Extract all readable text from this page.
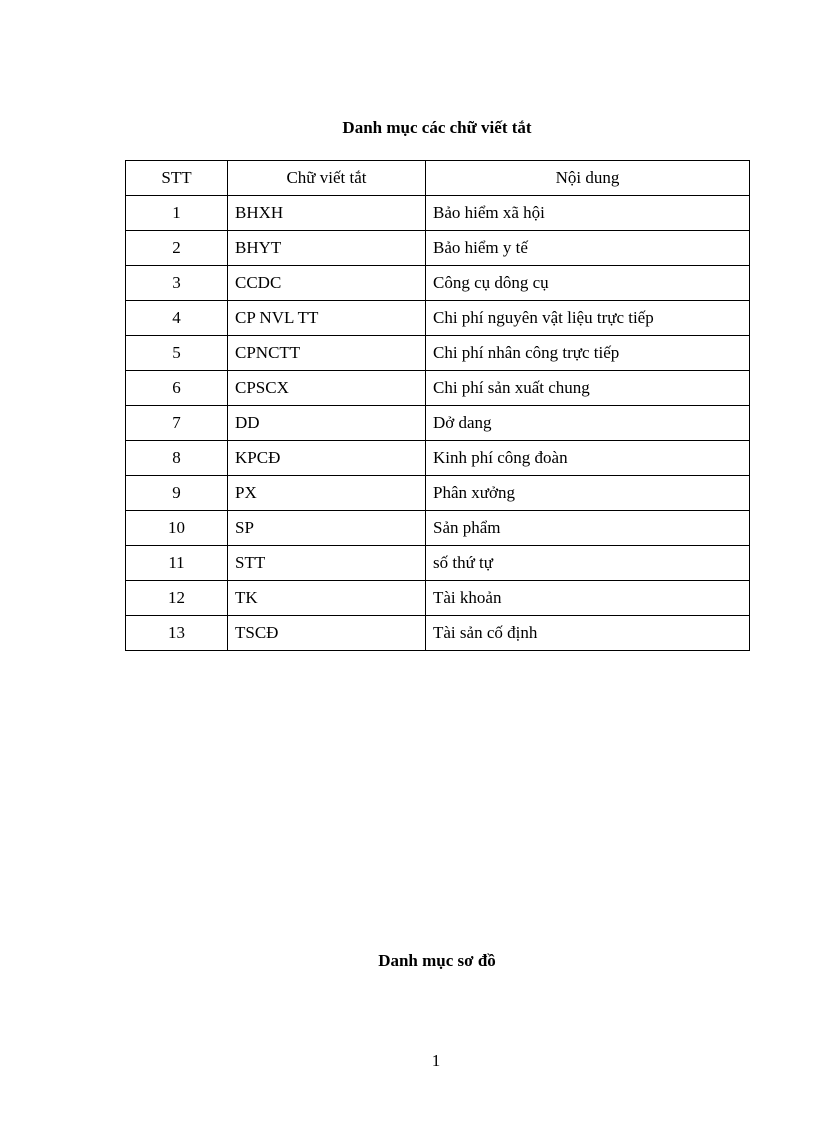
Danh mục các chữ viết tắt
STT	Chữ viết tắt	Nội dung
1	BHXH	Bảo hiểm xã hội
2	BHYT	Bảo hiểm y tế
3	CCDC	Công cụ dông cụ
4	CP NVL TT	Chi phí nguyên vật liệu trực tiếp
5	CPNCTT	Chi phí nhân công trực tiếp
6	CPSCX	Chi phí sản xuất chung
7	DD	Dở dang
8	KPCĐ	Kinh phí công đoàn
9	PX	Phân xưởng
10	SP	Sản phẩm
11	STT	số thứ tự
12	TK	Tài khoản
13	TSCĐ	Tài sản cố định
Danh mục sơ đồ
1
